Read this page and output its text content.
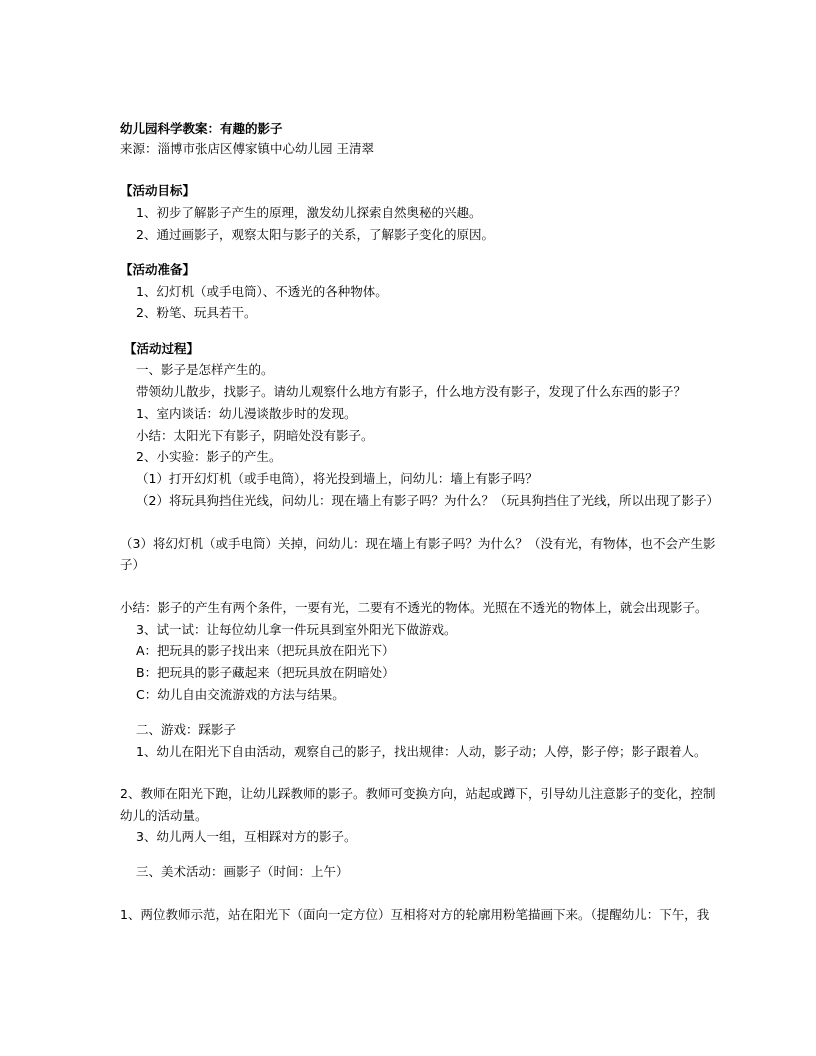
幼儿园科学教案：有趣的影子
来源：淄博市张店区傅家镇中心幼儿园 王清翠
【活动目标】
1、初步了解影子产生的原理，激发幼儿探索自然奥秘的兴趣。
2、通过画影子，观察太阳与影子的关系，了解影子变化的原因。
【活动准备】
1、幻灯机（或手电筒）、不透光的各种物体。
2、粉笔、玩具若干。
【活动过程】
一、影子是怎样产生的。
带领幼儿散步，找影子。请幼儿观察什么地方有影子，什么地方没有影子，发现了什么东西的影子？
1、室内谈话：幼儿漫谈散步时的发现。
小结：太阳光下有影子，阴暗处没有影子。
2、小实验：影子的产生。
（1）打开幻灯机（或手电筒），将光投到墙上，问幼儿：墙上有影子吗？
（2）将玩具狗挡住光线，问幼儿：现在墙上有影子吗？为什么？（玩具狗挡住了光线，所以出现了影子）
（3）将幻灯机（或手电筒）关掉，问幼儿：现在墙上有影子吗？为什么？（没有光，有物体，也不会产生影
子）
小结：影子的产生有两个条件，一要有光，二要有不透光的物体。光照在不透光的物体上，就会出现影子。
3、试一试：让每位幼儿拿一件玩具到室外阳光下做游戏。
A：把玩具的影子找出来（把玩具放在阳光下）
B：把玩具的影子藏起来（把玩具放在阴暗处）
C：幼儿自由交流游戏的方法与结果。
二、游戏：踩影子
1、幼儿在阳光下自由活动，观察自己的影子，找出规律：人动，影子动；人停，影子停；影子跟着人。
2、教师在阳光下跑，让幼儿踩教师的影子。教师可变换方向，站起或蹲下，引导幼儿注意影子的变化，控制
幼儿的活动量。
3、幼儿两人一组，互相踩对方的影子。
三、美术活动：画影子（时间：上午）
1、两位教师示范，站在阳光下（面向一定方位）互相将对方的轮廓用粉笔描画下来。（提醒幼儿：下午，我
